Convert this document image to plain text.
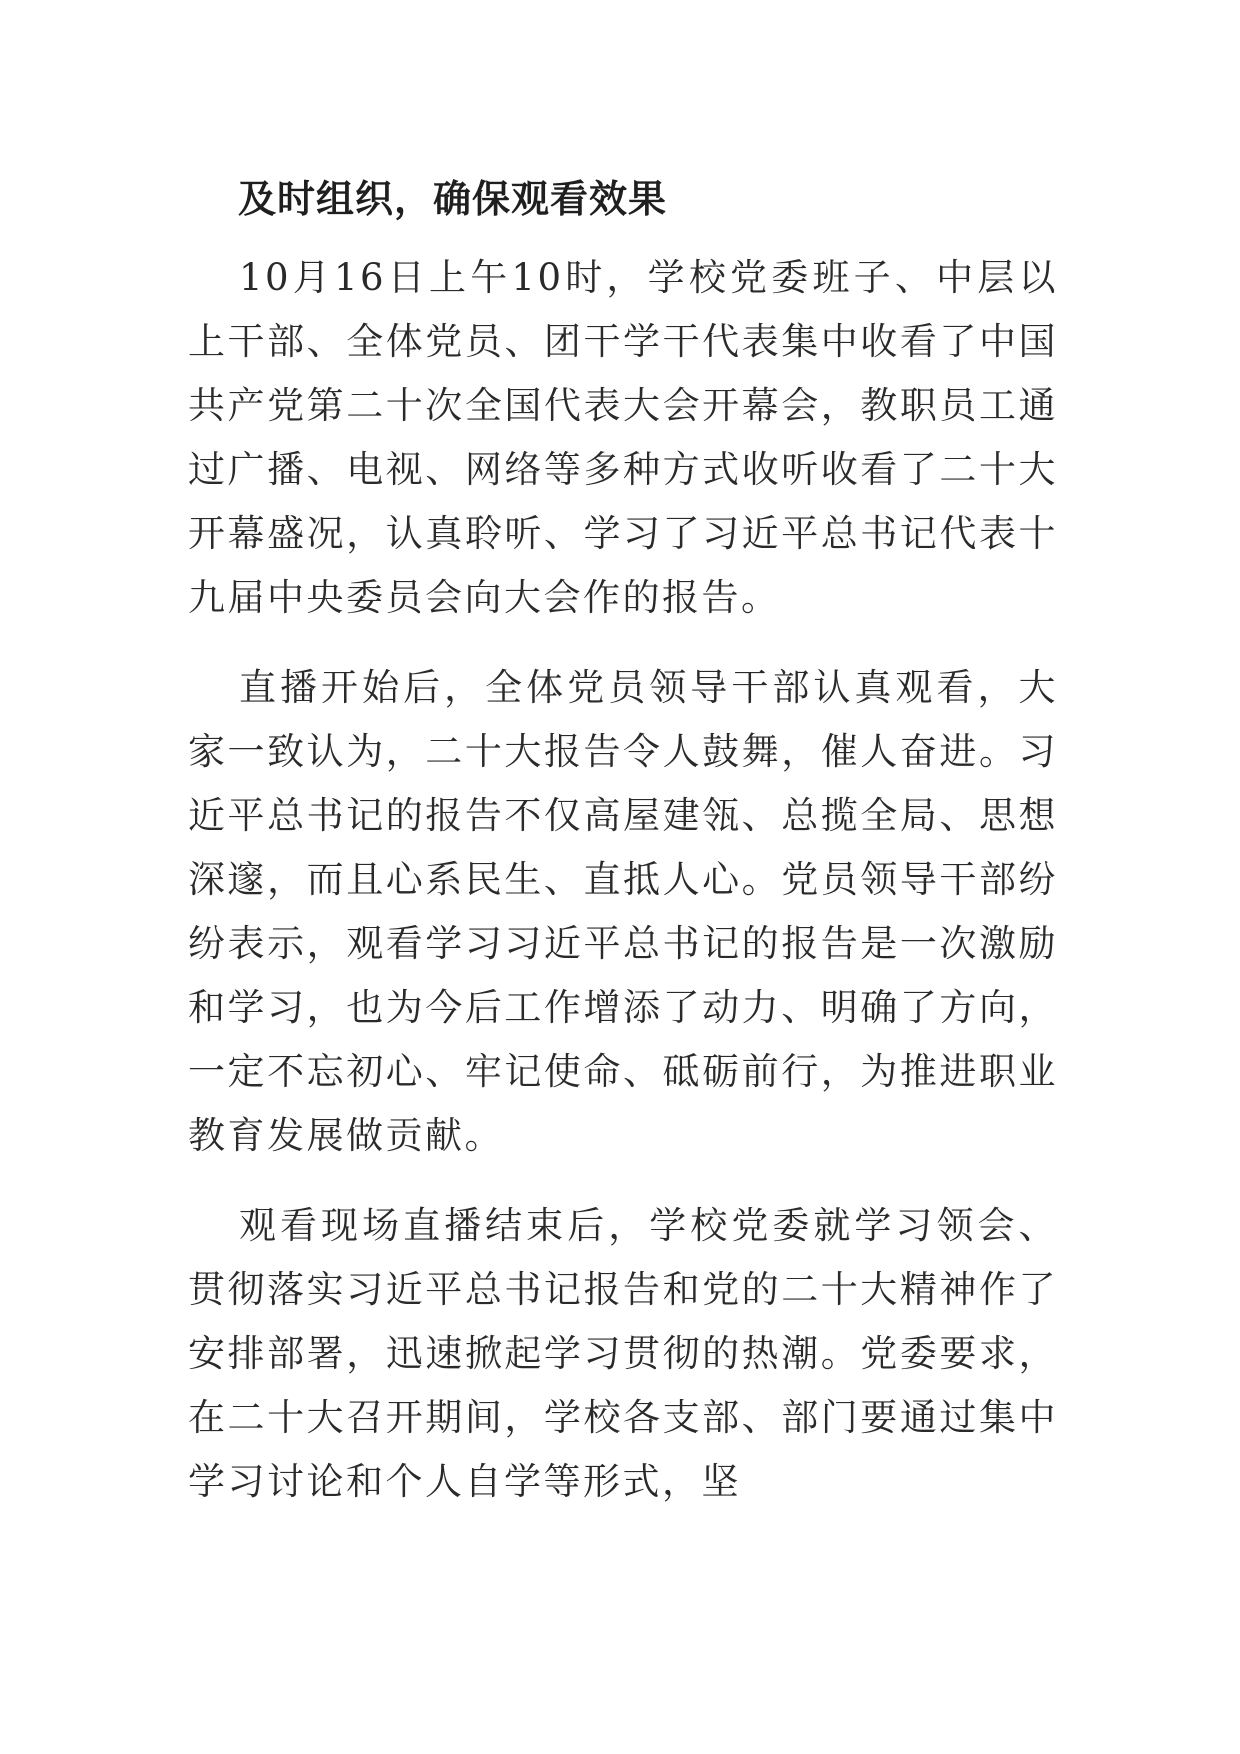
及时组织，确保观看效果

10月16日上午10时，学校党委班子、中层以上干部、全体党员、团干学干代表集中收看了中国共产党第二十次全国代表大会开幕会，教职员工通过广播、电视、网络等多种方式收听收看了二十大开幕盛况，认真聆听、学习了习近平总书记代表十九届中央委员会向大会作的报告。

直播开始后，全体党员领导干部认真观看，大家一致认为，二十大报告令人鼓舞，催人奋进。习近平总书记的报告不仅高屋建瓴、总揽全局、思想深邃，而且心系民生、直抵人心。党员领导干部纷纷表示，观看学习习近平总书记的报告是一次激励和学习，也为今后工作增添了动力、明确了方向，一定不忘初心、牢记使命、砥砺前行，为推进职业教育发展做贡献。

观看现场直播结束后，学校党委就学习领会、贯彻落实习近平总书记报告和党的二十大精神作了安排部署，迅速掀起学习贯彻的热潮。党委要求，在二十大召开期间，学校各支部、部门要通过集中学习讨论和个人自学等形式，坚
